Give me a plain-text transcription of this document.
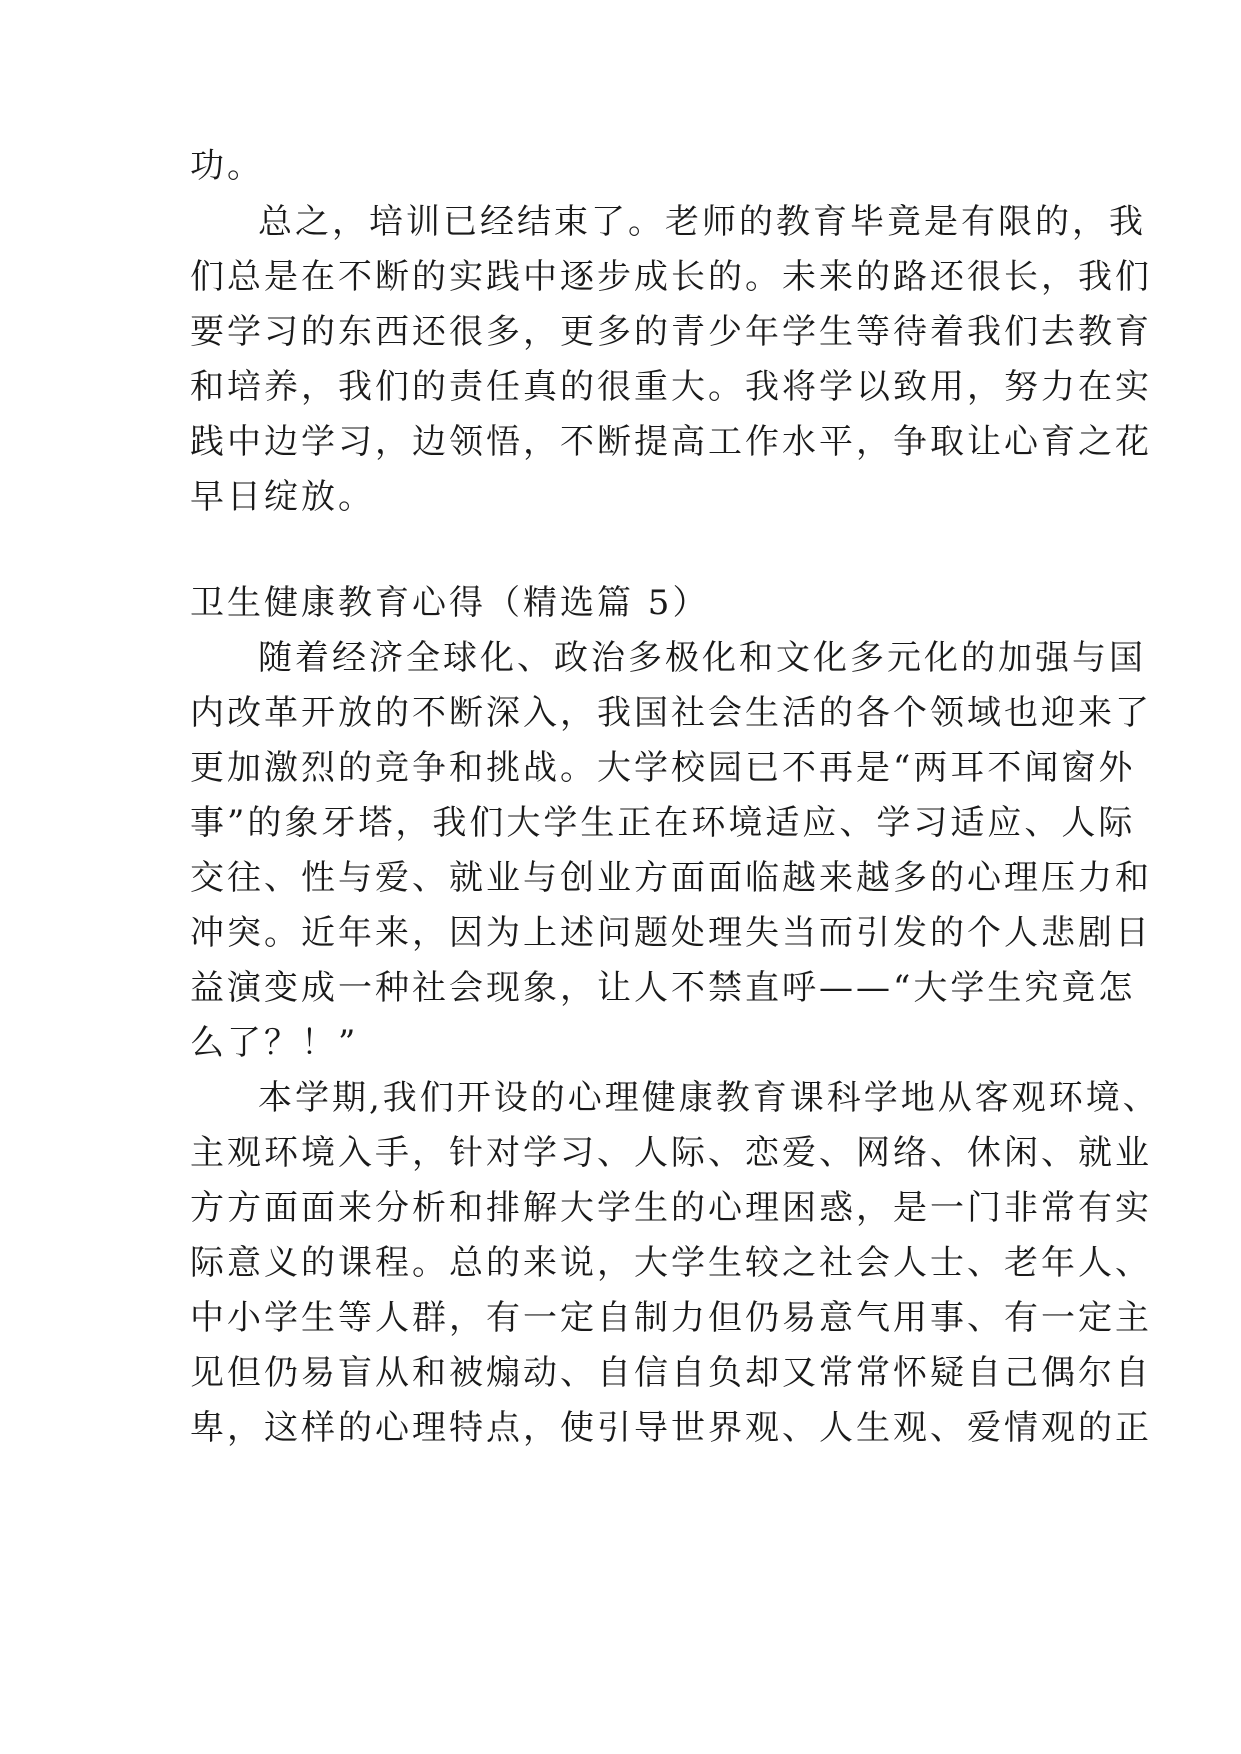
功。
总之，培训已经结束了。老师的教育毕竟是有限的，我
们总是在不断的实践中逐步成长的。未来的路还很长，我们
要学习的东西还很多，更多的青少年学生等待着我们去教育
和培养，我们的责任真的很重大。我将学以致用，努力在实
践中边学习，边领悟，不断提高工作水平，争取让心育之花
早日绽放。
卫生健康教育心得（精选篇 5）
随着经济全球化、政治多极化和文化多元化的加强与国
内改革开放的不断深入，我国社会生活的各个领域也迎来了
更加激烈的竞争和挑战。大学校园已不再是“两耳不闻窗外
事”的象牙塔，我们大学生正在环境适应、学习适应、人际
交往、性与爱、就业与创业方面面临越来越多的心理压力和
冲突。近年来，因为上述问题处理失当而引发的个人悲剧日
益演变成一种社会现象，让人不禁直呼——“大学生究竟怎
么了？！”
本学期,我们开设的心理健康教育课科学地从客观环境、
主观环境入手，针对学习、人际、恋爱、网络、休闲、就业
方方面面来分析和排解大学生的心理困惑，是一门非常有实
际意义的课程。总的来说，大学生较之社会人士、老年人、
中小学生等人群，有一定自制力但仍易意气用事、有一定主
见但仍易盲从和被煽动、自信自负却又常常怀疑自己偶尔自
卑，这样的心理特点，使引导世界观、人生观、爱情观的正
